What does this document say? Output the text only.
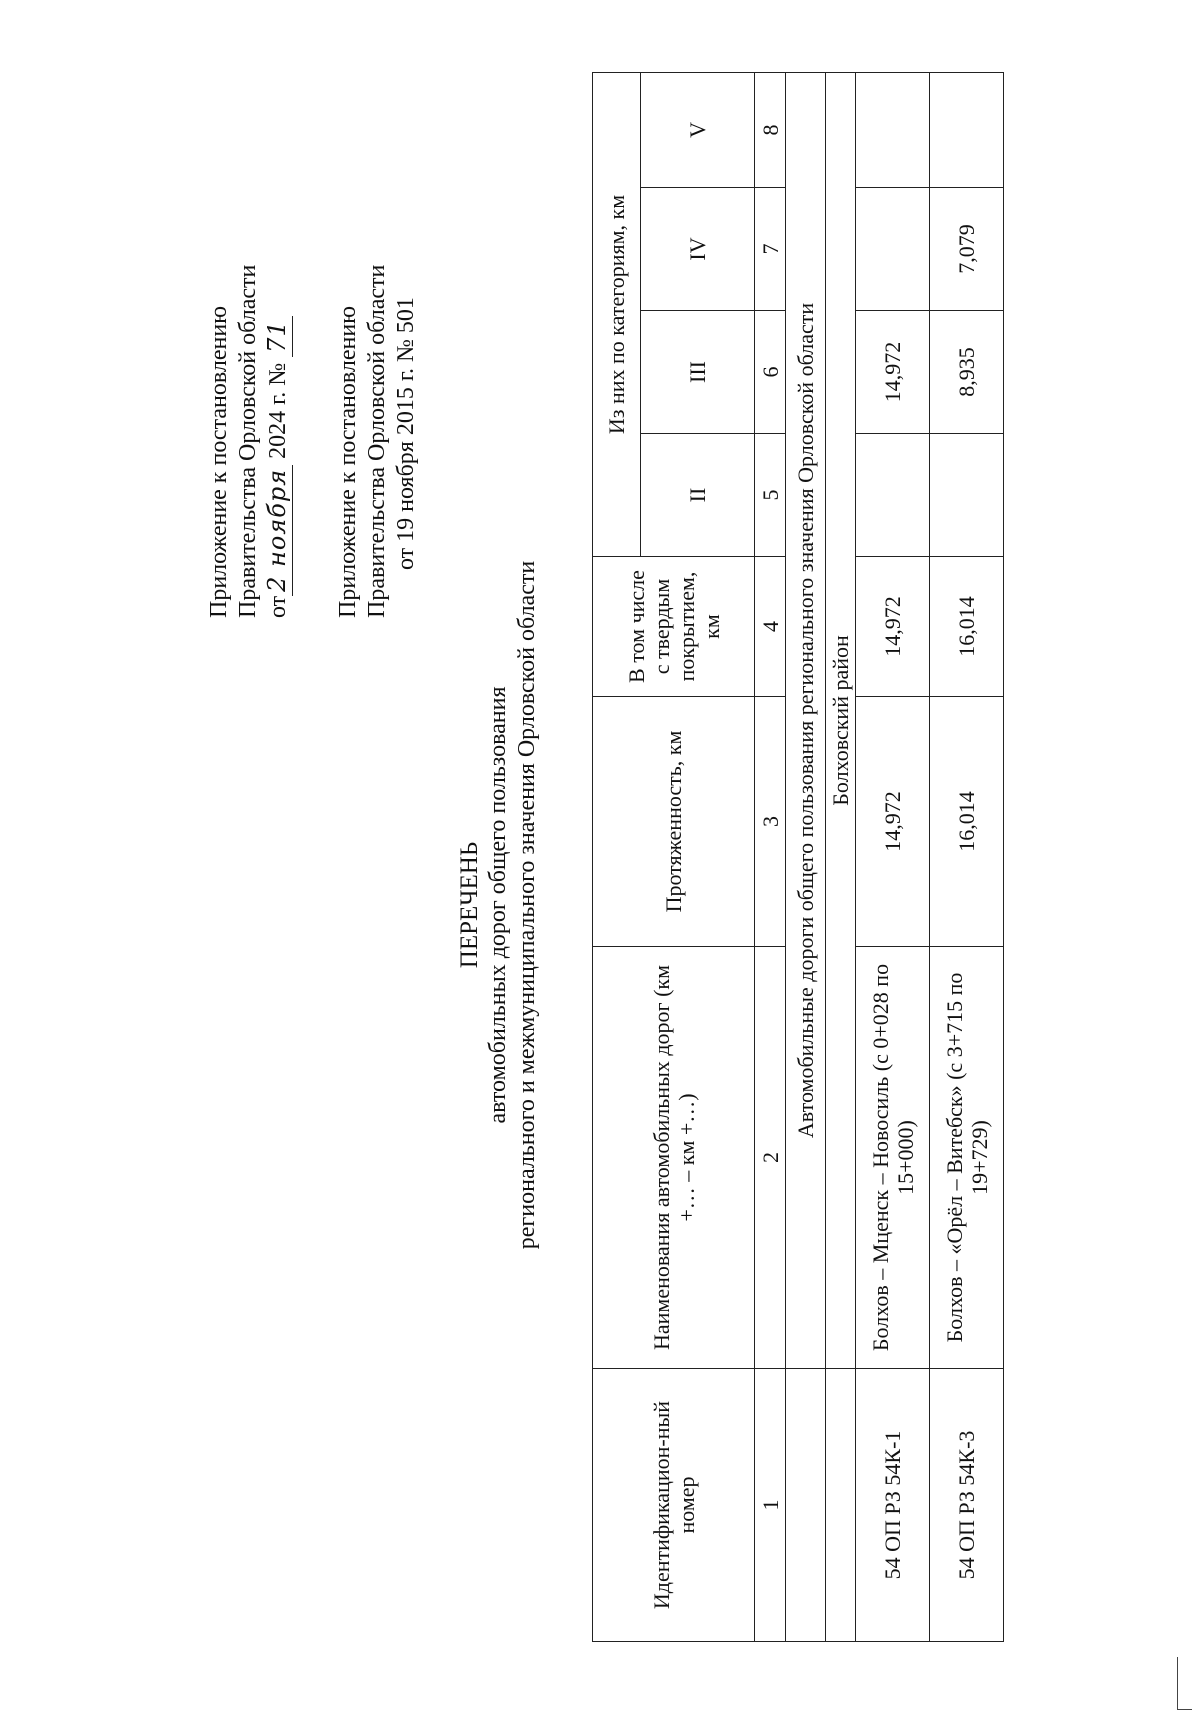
Приложение к постановлению Правительства Орловской области от2 ноября 2024 г. № 71 Приложение к постановлению Правительства Орловской области от 19 ноября 2015 г. № 501
ПЕРЕЧЕНЬ автомобильных дорог общего пользования регионального и межмуниципального значения Орловской области
Идентификацион-ный номер	Наименования автомобильных дорог (км +… – км +…)	Протяженность, км	В том числе с твердым покрытием, км	Из них по категориям, км			
				II	III	IV	V
1	2	3	4	5	6	7	8
	Автомобильные дороги общего пользования регионального значения Орловской области						
	Болховский район						
54 ОП РЗ 54К-1	Болхов – Мценск – Новосиль (с 0+028 по 15+000)	14,972	14,972		14,972		
54 ОП РЗ 54К-3	Болхов – «Орёл – Витебск» (с 3+715 по 19+729)	16,014	16,014		8,935	7,079	
